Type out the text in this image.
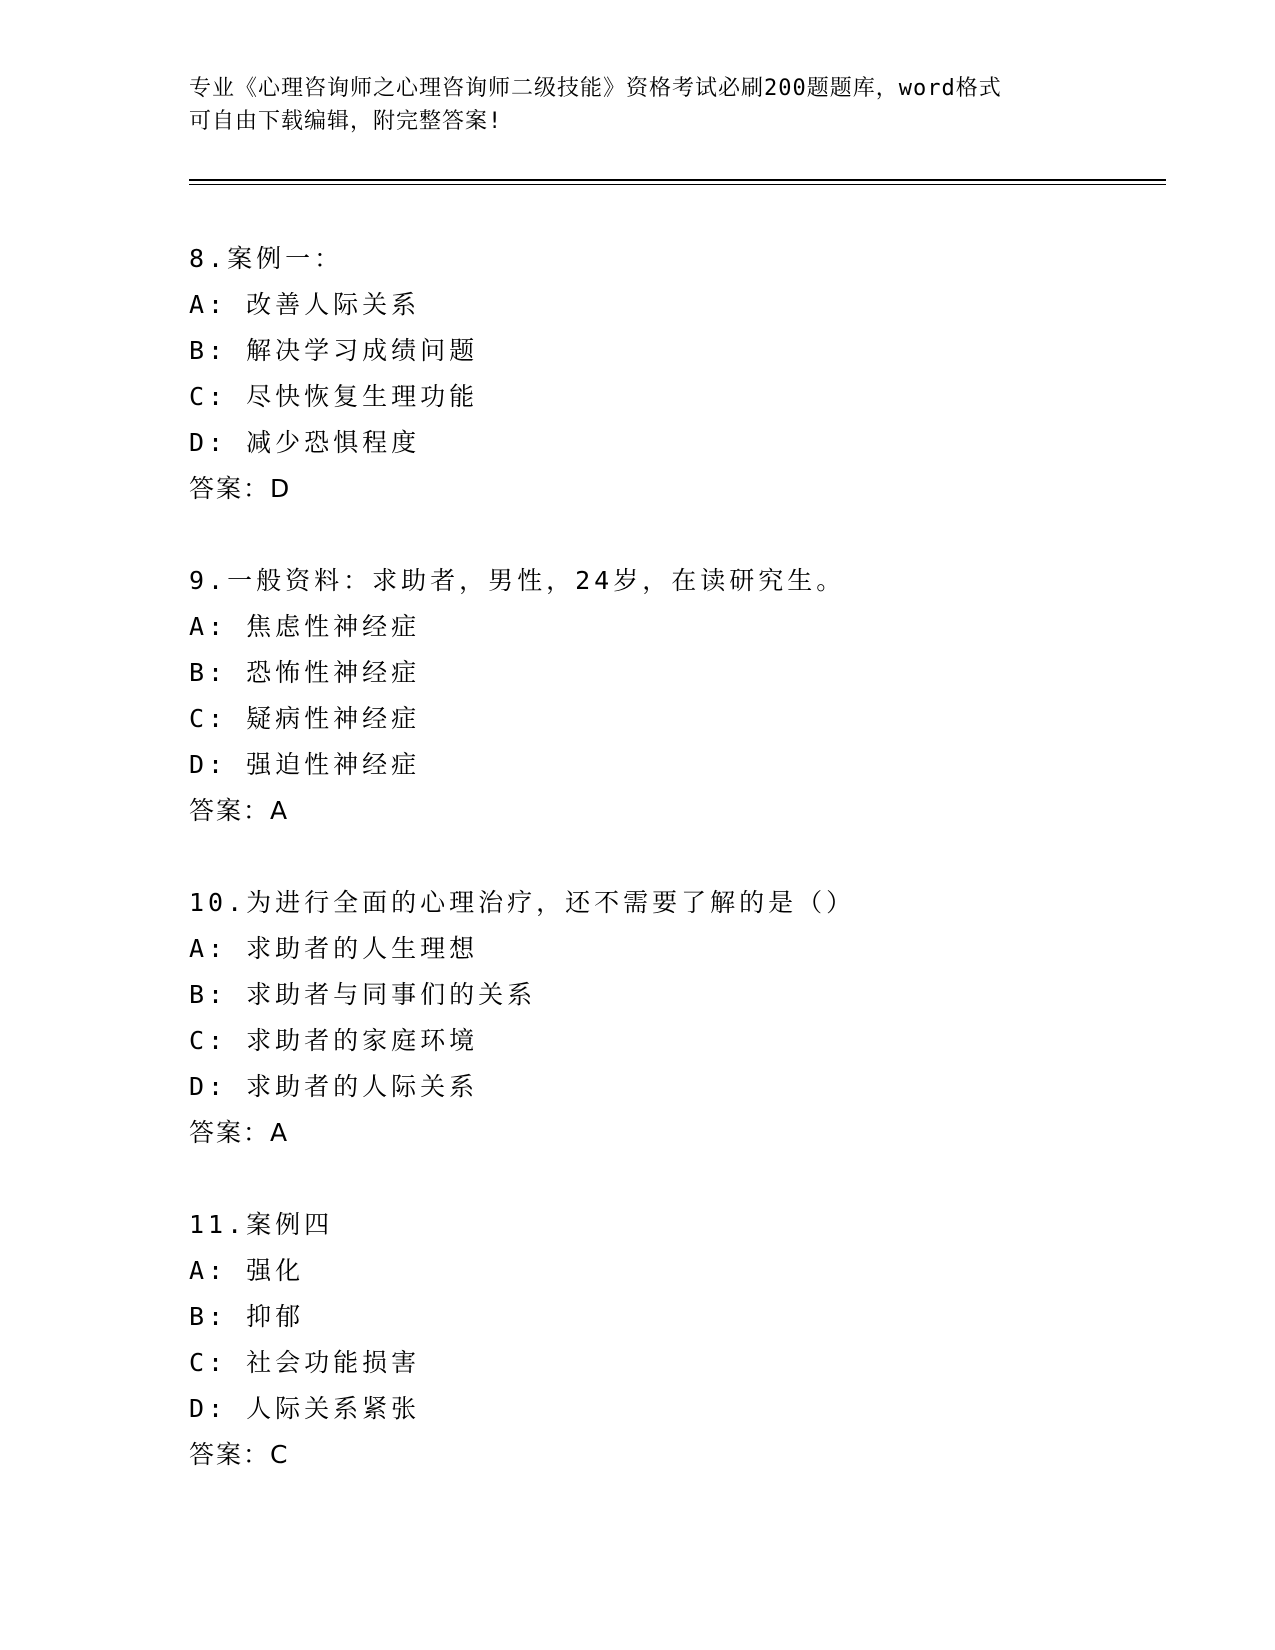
专业《心理咨询师之心理咨询师二级技能》资格考试必刷200题题库，word格式
可自由下载编辑，附完整答案!
8.案例一：
A: 改善人际关系
B: 解决学习成绩问题
C: 尽快恢复生理功能
D: 减少恐惧程度
答案：D
9.一般资料：求助者，男性，24岁，在读研究生。
A: 焦虑性神经症
B: 恐怖性神经症
C: 疑病性神经症
D: 强迫性神经症
答案：A
10.为进行全面的心理治疗，还不需要了解的是（）
A: 求助者的人生理想
B: 求助者与同事们的关系
C: 求助者的家庭环境
D: 求助者的人际关系
答案：A
11.案例四
A: 强化
B: 抑郁
C: 社会功能损害
D: 人际关系紧张
答案：C
